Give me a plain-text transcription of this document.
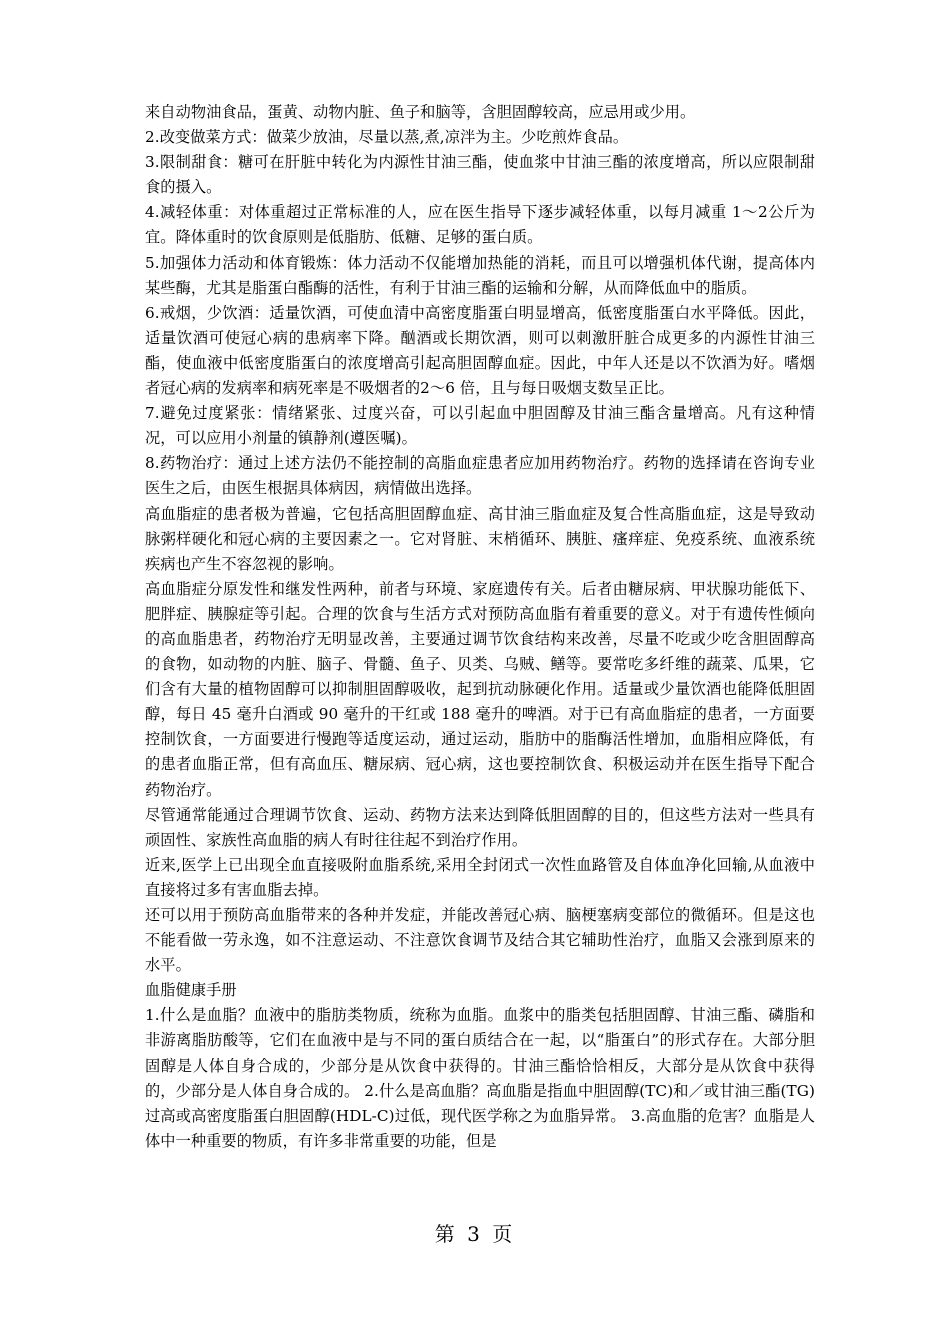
来自动物油食品，蛋黄、动物内脏、鱼子和脑等，含胆固醇较高，应忌用或少用。

2.改变做菜方式：做菜少放油，尽量以蒸,煮,凉泮为主。少吃煎炸食品。

3.限制甜食：糖可在肝脏中转化为内源性甘油三酯，使血浆中甘油三酯的浓度增高，所以应限制甜食的摄入。

4.减轻体重：对体重超过正常标准的人，应在医生指导下逐步减轻体重，以每月减重 1～2公斤为宜。降体重时的饮食原则是低脂肪、低糖、足够的蛋白质。

5.加强体力活动和体育锻炼：体力活动不仅能增加热能的消耗，而且可以增强机体代谢，提高体内某些酶，尤其是脂蛋白酯酶的活性，有利于甘油三酯的运输和分解，从而降低血中的脂质。

6.戒烟，少饮酒：适量饮酒，可使血清中高密度脂蛋白明显增高，低密度脂蛋白水平降低。因此，适量饮酒可使冠心病的患病率下降。酗酒或长期饮酒，则可以刺激肝脏合成更多的内源性甘油三酯，使血液中低密度脂蛋白的浓度增高引起高胆固醇血症。因此，中年人还是以不饮酒为好。嗜烟者冠心病的发病率和病死率是不吸烟者的2～6 倍，且与每日吸烟支数呈正比。

7.避免过度紧张：情绪紧张、过度兴奋，可以引起血中胆固醇及甘油三酯含量增高。凡有这种情况，可以应用小剂量的镇静剂(遵医嘱)。

8.药物治疗：通过上述方法仍不能控制的高脂血症患者应加用药物治疗。药物的选择请在咨询专业医生之后，由医生根据具体病因，病情做出选择。

高血脂症的患者极为普遍，它包括高胆固醇血症、高甘油三脂血症及复合性高脂血症，这是导致动脉粥样硬化和冠心病的主要因素之一。它对肾脏、末梢循环、胰脏、瘙痒症、免疫系统、血液系统疾病也产生不容忽视的影响。

高血脂症分原发性和继发性两种，前者与环境、家庭遗传有关。后者由糖尿病、甲状腺功能低下、肥胖症、胰腺症等引起。合理的饮食与生活方式对预防高血脂有着重要的意义。对于有遗传性倾向的高血脂患者，药物治疗无明显改善，主要通过调节饮食结构来改善，尽量不吃或少吃含胆固醇高的食物，如动物的内脏、脑子、骨髓、鱼子、贝类、乌贼、鳝等。要常吃多纤维的蔬菜、瓜果，它们含有大量的植物固醇可以抑制胆固醇吸收，起到抗动脉硬化作用。适量或少量饮酒也能降低胆固醇，每日 45 毫升白酒或 90 毫升的干红或 188 毫升的啤酒。对于已有高血脂症的患者，一方面要控制饮食，一方面要进行慢跑等适度运动，通过运动，脂肪中的脂酶活性增加，血脂相应降低，有的患者血脂正常，但有高血压、糖尿病、冠心病，这也要控制饮食、积极运动并在医生指导下配合药物治疗。

尽管通常能通过合理调节饮食、运动、药物方法来达到降低胆固醇的目的，但这些方法对一些具有顽固性、家族性高血脂的病人有时往往起不到治疗作用。

近来,医学上已出现全血直接吸附血脂系统,采用全封闭式一次性血路管及自体血净化回输,从血液中直接将过多有害血脂去掉。

还可以用于预防高血脂带来的各种并发症，并能改善冠心病、脑梗塞病变部位的微循环。但是这也不能看做一劳永逸，如不注意运动、不注意饮食调节及结合其它辅助性治疗，血脂又会涨到原来的水平。

血脂健康手册

1.什么是血脂？血液中的脂肪类物质，统称为血脂。血浆中的脂类包括胆固醇、甘油三酯、磷脂和非游离脂肪酸等，它们在血液中是与不同的蛋白质结合在一起，以“脂蛋白”的形式存在。大部分胆固醇是人体自身合成的，少部分是从饮食中获得的。甘油三酯恰恰相反，大部分是从饮食中获得的，少部分是人体自身合成的。 2.什么是高血脂？高血脂是指血中胆固醇(TC)和／或甘油三酯(TG)过高或高密度脂蛋白胆固醇(HDL-C)过低，现代医学称之为血脂异常。 3.高血脂的危害？血脂是人体中一种重要的物质，有许多非常重要的功能，但是

第 3 页
